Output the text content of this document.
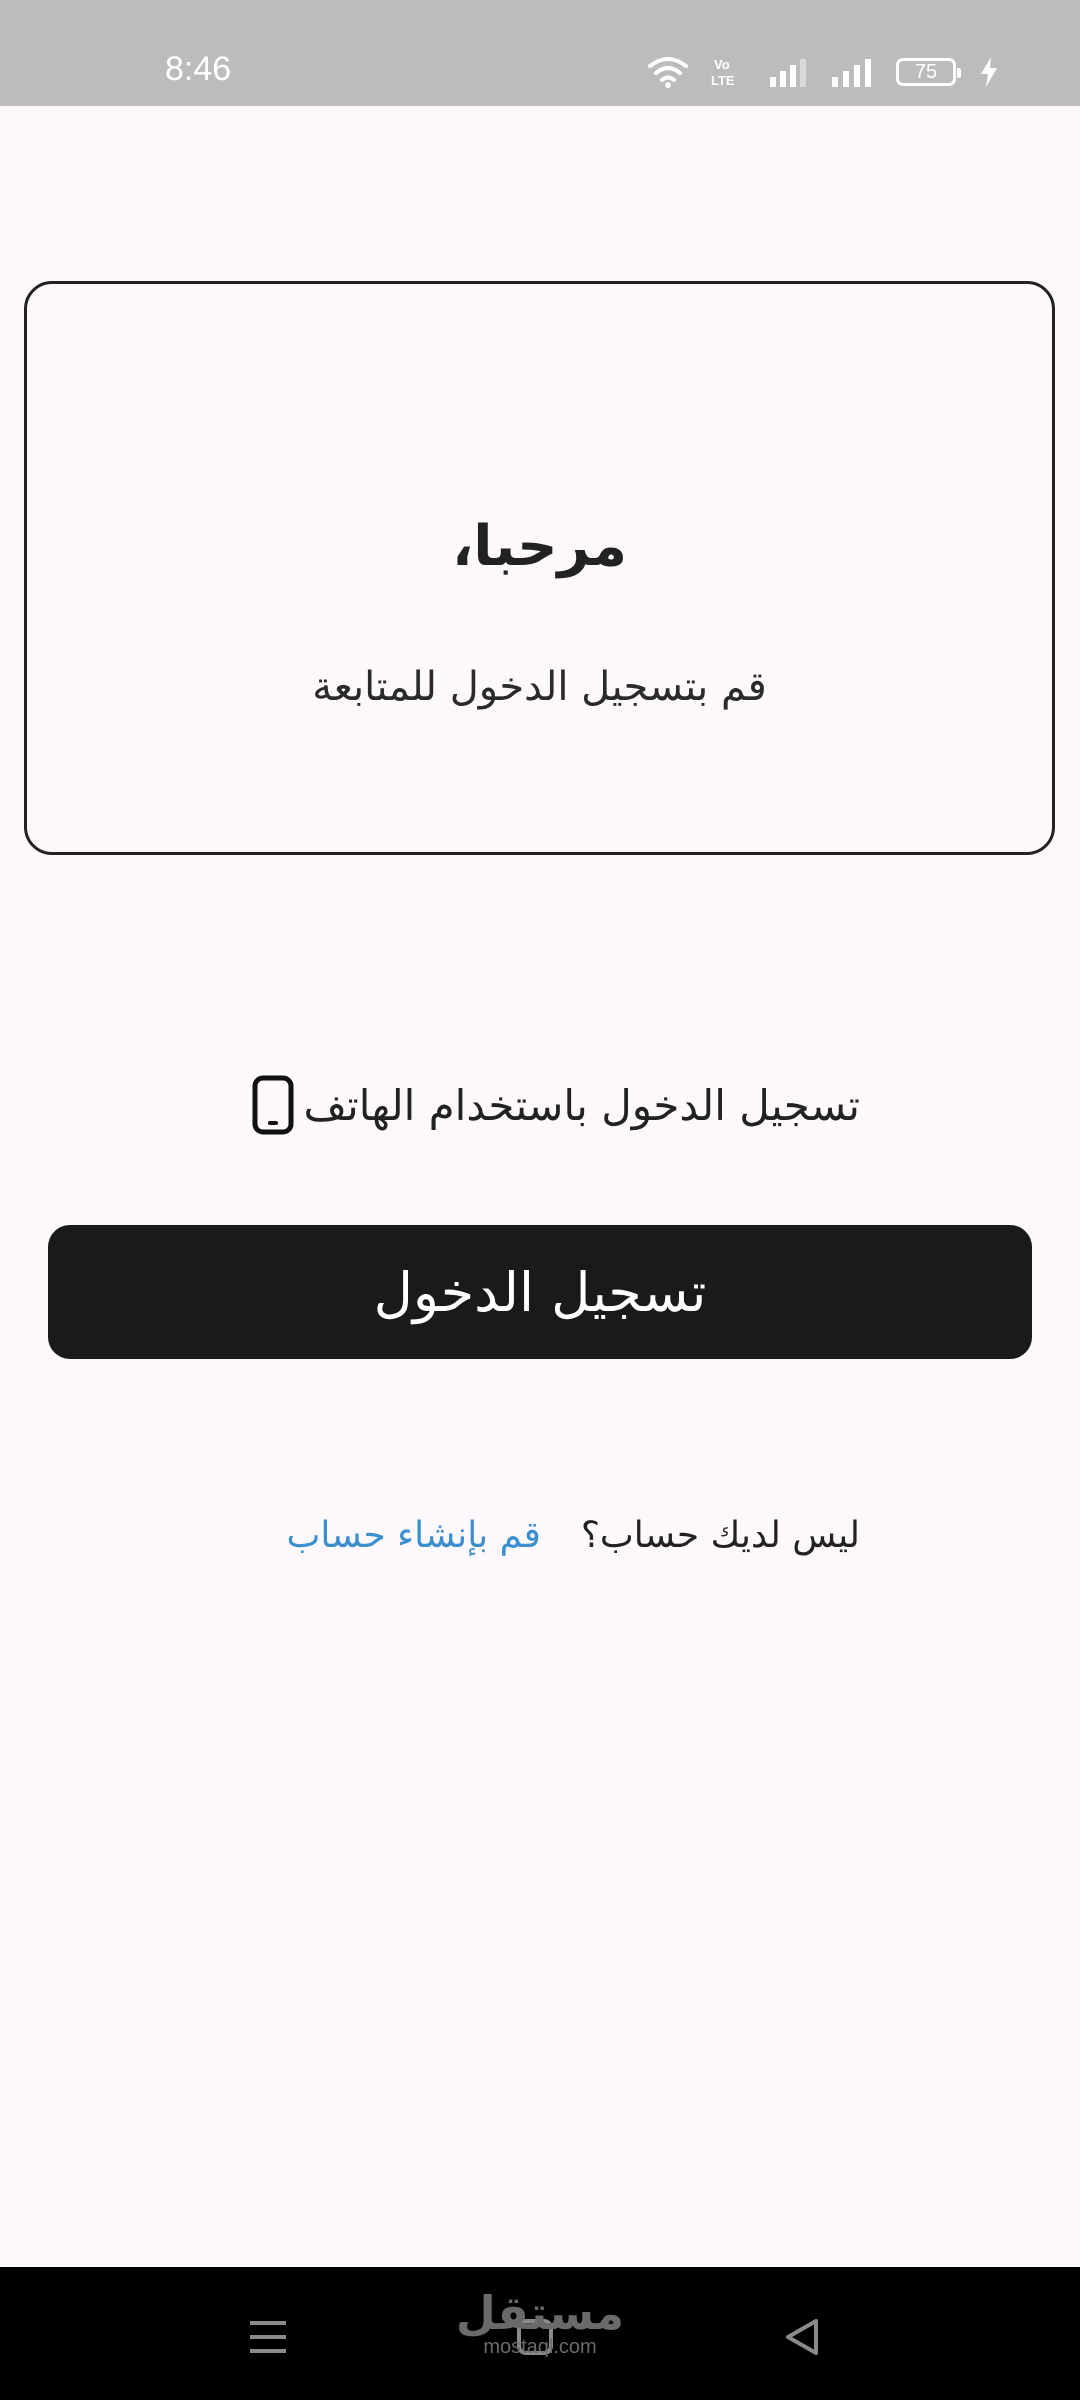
8:46	Vo
LTE	75
مرحبا،

قم بتسجيل الدخول للمتابعة

تسجيل الدخول باستخدام الهاتف
تسجيل الدخول
ليس لديك حساب؟
قم بإنشاء حساب
مستقل
mostaql.com
